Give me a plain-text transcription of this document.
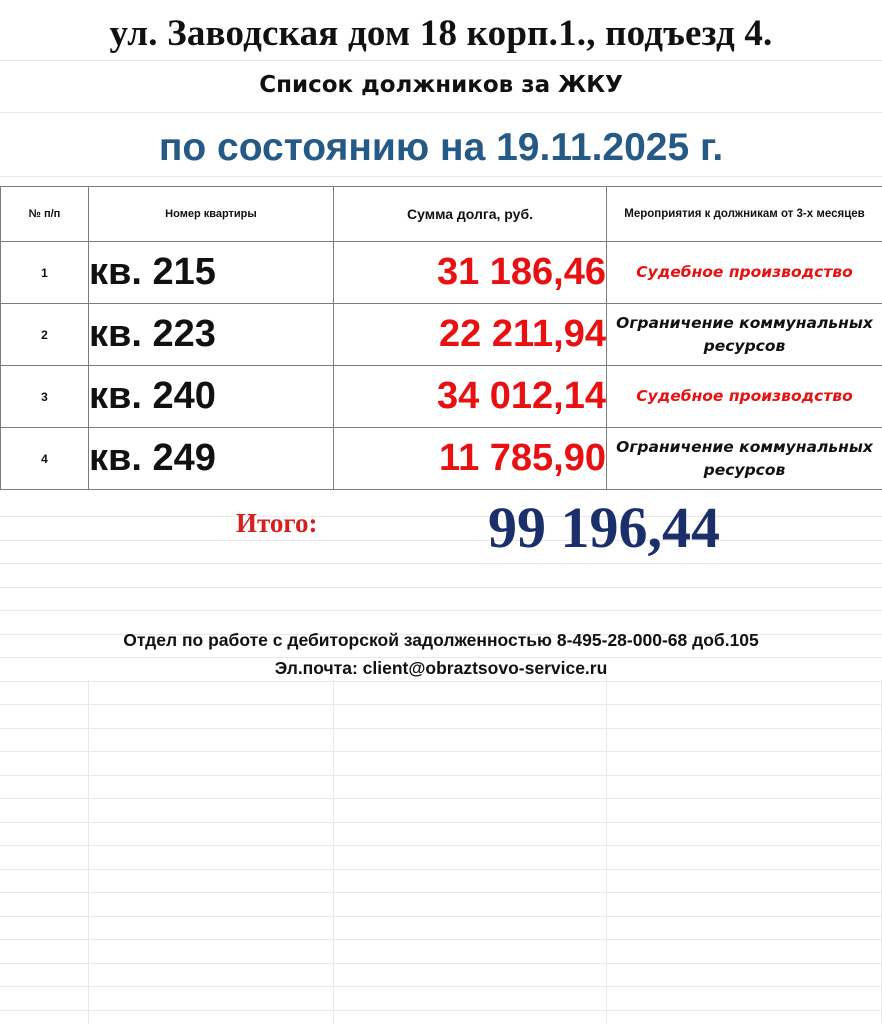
ул. Заводская дом 18 корп.1., подъезд 4.
Список должников за ЖКУ
по состоянию на 19.11.2025 г.
№ п/п	Номер квартиры	Сумма долга, руб.	Мероприятия к должникам от 3-х месяцев
1	кв. 215	31 186,46	Судебное производство
2	кв. 223	22 211,94	Ограничение коммунальных ресурсов
3	кв. 240	34 012,14	Судебное производство
4	кв. 249	11 785,90	Ограничение коммунальных ресурсов
Итого:	99 196,44
Отдел по работе с дебиторской задолженностью 8-495-28-000-68 доб.105
Эл.почта: client@obraztsovo-service.ru
